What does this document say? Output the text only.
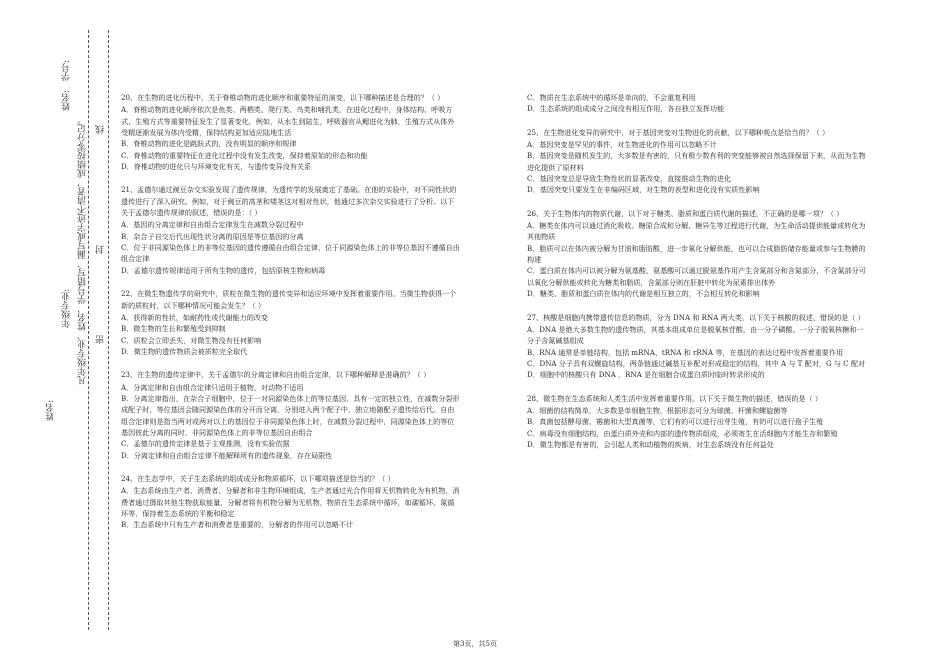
姓名:
年级专业:
姓名:
学号:
凡年级专业、姓名、学号错写、漏写或字迹不清者，成绩按零分记。 密
封
线
20、在生物的进化历程中，关于脊椎动物的进化顺序和重要特征的演变，以下哪种描述是合理的？（ ）
A．脊椎动物的进化顺序依次是鱼类、两栖类、爬行类、鸟类和哺乳类，在进化过程中，身体结构、呼吸方式、生殖方式等重要特征发生了显著变化，例如，从水生到陆生，呼吸器官从鳃进化为肺，生殖方式从体外受精逐渐发展为体内受精，保持结构更加适应陆地生活
B．脊椎动物的进化是跳跃式的，没有明显的顺序和规律
C．脊椎动物的重要特征在进化过程中没有发生改变，保持着原始的形态和功能
D．脊椎动物的进化只与环境变化有关，与遗传变异没有关系
21、孟德尔通过豌豆杂交实验发现了遗传规律，为遗传学的发展奠定了基础。在他的实验中，对不同性状的遗传进行了深入研究。例如，对于豌豆的高茎和矮茎这对相对性状，他通过多次杂交实验进行了分析。以下关于孟德尔遗传规律的叙述，错误的是：（ ）
A．基因的分离定律和自由组合定律发生在减数分裂过程中
B．杂合子自交后代出现性状分离的原因是等位基因的分离
C．位于非同源染色体上的非等位基因的遗传遵循自由组合定律，位于同源染色体上的非等位基因不遵循自由组合定律
D．孟德尔遗传规律适用于所有生物的遗传，包括原核生物和病毒
22、在微生物遗传学的研究中，质粒在微生物的遗传变异和适应环境中发挥着重要作用。当微生物获得一个新的质粒时，以下哪种情况可能会发生？（ ）
A．获得新的性状，如耐药性或代谢能力的改变
B．微生物的生长和繁殖受到抑制
C．质粒会立即丢失，对微生物没有任何影响
D．微生物的遗传物质会被质粒完全取代
23、在生物的遗传定律中，关于孟德尔的分离定律和自由组合定律，以下哪种解释是准确的？（ ）
A．分离定律和自由组合定律只适用于植物，对动物不适用
B．分离定律指出，在杂合子细胞中，位于一对同源染色体上的等位基因，具有一定的独立性，在减数分裂形成配子时，等位基因会随同源染色体的分开而分离，分别进入两个配子中，独立地随配子遗传给后代。自由组合定律则是指当两对或两对以上的基因位于非同源染色体上时，在减数分裂过程中，同源染色体上的等位基因彼此分离的同时，非同源染色体上的非等位基因自由组合
C．孟德尔的遗传定律是基于主观推测，没有实验依据
D．分离定律和自由组合定律不能解释所有的遗传现象，存在局限性
24、在生态学中，关于生态系统的组成成分和物质循环，以下哪项描述是恰当的？（ ）
A．生态系统由生产者、消费者、分解者和非生物环境组成，生产者通过光合作用将无机物转化为有机物，消费者通过摄取其他生物获取能量，分解者将有机物分解为无机物，物质在生态系统中循环，如碳循环、氮循环等，保持着生态系统的平衡和稳定
B．生态系统中只有生产者和消费者是重要的，分解者的作用可以忽略不计
C．物质在生态系统中的循环是单向的，不会重复利用
D．生态系统的组成成分之间没有相互作用，各自独立发挥功能
25、在生物进化变异的研究中，对于基因突变对生物进化的贡献，以下哪种观点是恰当的？（ ）
A．基因突变是罕见的事件，对生物进化的作用可以忽略不计
B．基因突变是随机发生的，大多数是有害的，只有极少数有利的突变能够被自然选择保留下来，从而为生物进化提供了原材料
C．基因突变总是导致生物性状的显著改变，直接推动生物的进化
D．基因突变只要发生在非编码区域，对生物的表型和进化没有实质性影响
26、关于生物体内的物质代谢，以下对于糖类、脂质和蛋白质代谢的描述，不正确的是哪一项？（ ）
A．糖类在体内可以通过消化吸收、糖原合成和分解、糖异生等过程进行代谢，为生命活动提供能量或转化为其他物质
B．脂质可以在体内被分解为甘油和脂肪酸，进一步氧化分解供能，也可以合成脂肪储存能量或参与生物膜的构建
C．蛋白质在体内可以被分解为氨基酸，氨基酸可以通过脱氨基作用产生含氮部分和含氮部分，不含氮部分可以氧化分解供能或转化为糖类和脂质，含氮部分则在肝脏中转化为尿素排出体外
D．糖类、脂质和蛋白质在体内的代谢是相互独立的，不会相互转化和影响
27、核酸是细胞内携带遗传信息的物质，分为 DNA 和 RNA 两大类，以下关于核酸的叙述，错误的是（ ）
A．DNA 是绝大多数生物的遗传物质，其基本组成单位是脱氧核苷酸，由一分子磷酸、一分子脱氧核糖和一分子含氮碱基组成
B．RNA 通常是单链结构，包括 mRNA、tRNA 和 rRNA 等，在基因的表达过程中发挥着重要作用
C．DNA 分子具有双螺旋结构，两条链通过碱基互补配对形成稳定的结构，其中 A 与 T 配对，G 与 C 配对
D．细胞中的核酸只有 DNA ，RNA 是在细胞合成蛋白质时临时转录形成的
28、微生物在生态系统和人类生活中发挥着重要作用。以下关于微生物的描述，错误的是（ ）
A．细菌的结构简单，大多数是单细胞生物，根据形态可分为球菌、杆菌和螺旋菌等
B．真菌包括酵母菌、霉菌和大型真菌等，它们有的可以进行出芽生殖，有的可以进行孢子生殖
C．病毒没有细胞结构，由蛋白质外壳和内部的遗传物质组成，必须寄生在活细胞内才能生存和繁殖
D．微生物都是有害的，会引起人类和动植物的疾病，对生态系统没有任何益处
第3页，共5页
